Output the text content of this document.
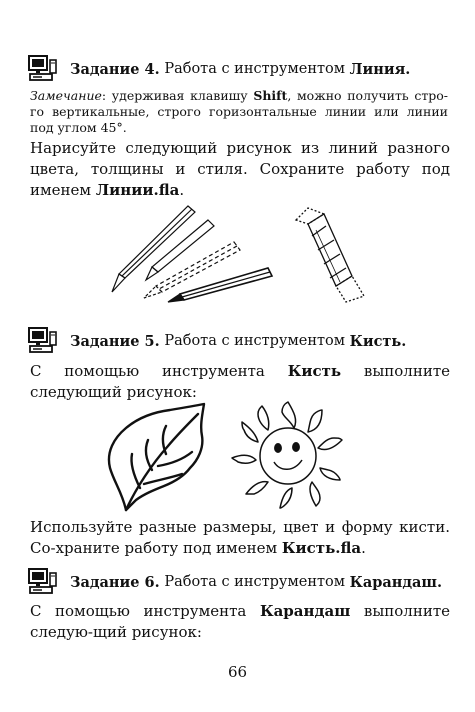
Задание 4.
Работа с инструментом
Линия.
Замечание: удерживая клавишу Shift, можно получить стро-го вертикальные, строго горизонтальные линии или линии под углом 45°.
Нарисуйте следующий рисунок из линий разного цвета, толщины и стиля. Сохраните работу под именем Линии.fla.
Задание 5.
Работа с инструментом
Кисть.
С помощью инструмента Кисть выполните следующий рисунок:
Используйте разные размеры, цвет и форму кисти. Со-храните работу под именем Кисть.fla.
Задание 6.
Работа с инструментом
Карандаш.
С помощью инструмента Карандаш выполните следую-щий рисунок:
66
